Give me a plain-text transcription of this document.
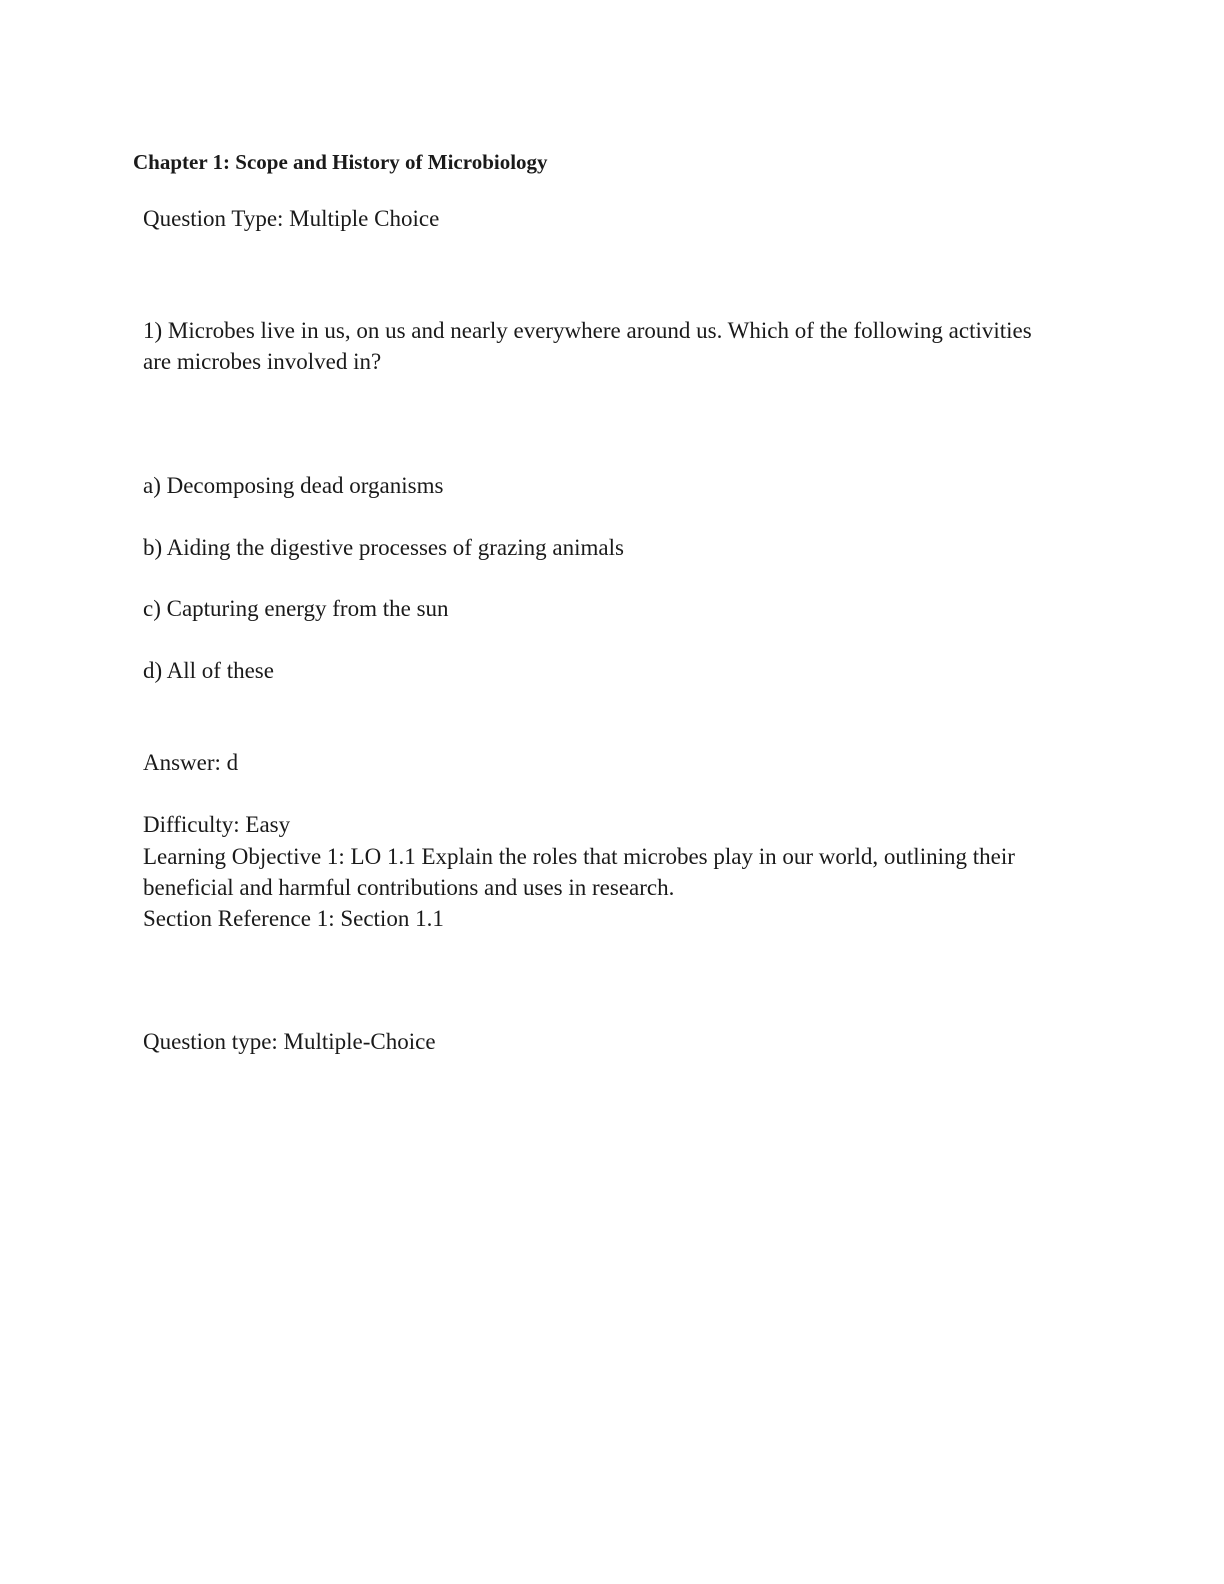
Chapter 1: Scope and History of Microbiology
Question Type: Multiple Choice
1) Microbes live in us, on us and nearly everywhere around us. Which of the following activities
are microbes involved in?
a) Decomposing dead organisms
b) Aiding the digestive processes of grazing animals
c) Capturing energy from the sun
d) All of these
Answer: d
Difficulty: Easy
Learning Objective 1: LO 1.1 Explain the roles that microbes play in our world, outlining their
beneficial and harmful contributions and uses in research.
Section Reference 1: Section 1.1
Question type: Multiple-Choice
